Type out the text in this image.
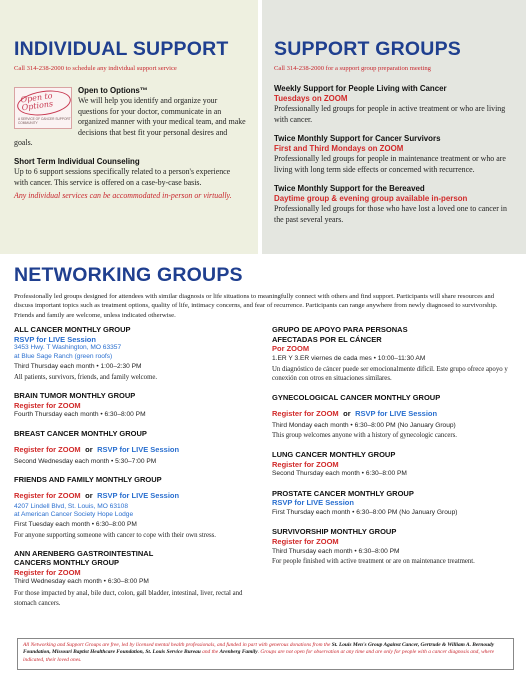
INDIVIDUAL SUPPORT
Call 314-238-2000 to schedule any individual support service
Open to Options
A SERVICE OF CANCER SUPPORT COMMUNITY
Open to Options™
We will help you identify and organize your questions for your doctor, communicate in an organized manner with your medical team, and make decisions that best fit your personal desires and goals.
Short Term Individual Counseling
Up to 6 support sessions specifically related to a person's experience with cancer. This service is offered on a case-by-case basis.
Any individual services can be accommodated in-person or virtually.
SUPPORT GROUPS
Call 314-238-2000 for a support group preparation meeting
Weekly Support for People Living with Cancer
Tuesdays on ZOOM
Professionally led groups for people in active treatment or who are living with cancer.
Twice Monthly Support for Cancer Survivors
First and Third Mondays on ZOOM
Professionally led groups for people in maintenance treatment or who are living with long term side effects or concerned with recurrence.
Twice Monthly Support for the Bereaved
Daytime group & evening group available in-person
Professionally led groups for those who have lost a loved one to cancer in the past several years.
NETWORKING GROUPS
Professionally led groups designed for attendees with similar diagnosis or life situations to meaningfully connect with others and find support. Participants will share resources and discuss important topics such as treatment options, quality of life, intimacy concerns, and fear of recurrence. Participants can range anywhere from newly diagnosed to survivorship. Friends and family are welcome, unless indicated otherwise.
ALL CANCER MONTHLY GROUP
RSVP for LIVE Session
3453 Hwy. T Washington, MO 63357
at Blue Sage Ranch (green roofs)
Third Thursday each month • 1:00–2:30 PM
All patients, survivors, friends, and family welcome.
BRAIN TUMOR MONTHLY GROUP
Register for ZOOM
Fourth Thursday each month • 6:30–8:00 PM
BREAST CANCER MONTHLY GROUP
Register for ZOOM or RSVP for LIVE Session
Second Wednesday each month • 5:30–7:00 PM
FRIENDS AND FAMILY MONTHLY GROUP
Register for ZOOM or RSVP for LIVE Session
4207 Lindell Blvd, St. Louis, MO 63108
at American Cancer Society Hope Lodge
First Tuesday each month • 6:30–8:00 PM
For anyone supporting someone with cancer to cope with their own stress.
ANN ARENBERG GASTROINTESTINAL
CANCERS MONTHLY GROUP
Register for ZOOM
Third Wednesday each month • 6:30–8:00 PM
For those impacted by anal, bile duct, colon, gall bladder, intestinal, liver, rectal and stomach cancers.
GRUPO DE APOYO PARA PERSONAS
AFECTADAS POR EL CÁNCER
Por ZOOM
1.ER Y 3.ER viernes de cada mes • 10:00–11:30 AM
Un diagnóstico de cáncer puede ser emocionalmente difícil. Este grupo ofrece apoyo y conexión con otros en situaciones similares.
GYNECOLOGICAL CANCER MONTHLY GROUP
Register for ZOOM or RSVP for LIVE Session
Third Monday each month • 6:30–8:00 PM (No January Group)
This group welcomes anyone with a history of gynecologic cancers.
LUNG CANCER MONTHLY GROUP
Register for ZOOM
Second Thursday each month • 6:30–8:00 PM
PROSTATE CANCER MONTHLY GROUP
RSVP for LIVE Session
First Thursday each month • 6:30–8:00 PM (No January Group)
SURVIVORSHIP MONTHLY GROUP
Register for ZOOM
Third Thursday each month • 6:30–8:00 PM
For people finished with active treatment or are on maintenance treatment.
All Networking and Support Groups are free, led by licensed mental health professionals, and funded in part with generous donations from the St. Louis Men's Group Against Cancer, Gertrude & William A. Bernoudy Foundation, Missouri Baptist Healthcare Foundation, St. Louis Service Bureau and the Arenberg Family. Groups are not open for observation at any time and are only for people with a cancer diagnosis and, where indicated, their loved ones.
